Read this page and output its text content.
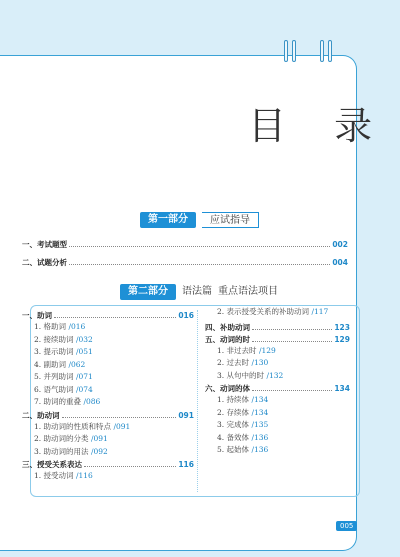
目 录
第一部分	应试指导
一、考试题型	002
二、试题分析	004
第二部分	语法篇 重点语法项目
一、助词	016
1. 格助词 /016
2. 接续助词 /032
3. 提示助词 /051
4. 副助词 /062
5. 并列助词 /071
6. 语气助词 /074
7. 助词的重叠 /086
二、助动词	091
1. 助动词的性质和特点 /091
2. 助动词的分类 /091
3. 助动词的用法 /092
三、授受关系表达	116
1. 授受动词 /116
2. 表示授受关系的补助动词 /117
四、补助动词	123
五、动词的时	129
1. 非过去时 /129
2. 过去时 /130
3. 从句中的时 /132
六、动词的体	134
1. 持续体 /134
2. 存续体 /134
3. 完成体 /135
4. 备效体 /136
5. 起始体 /136
005
